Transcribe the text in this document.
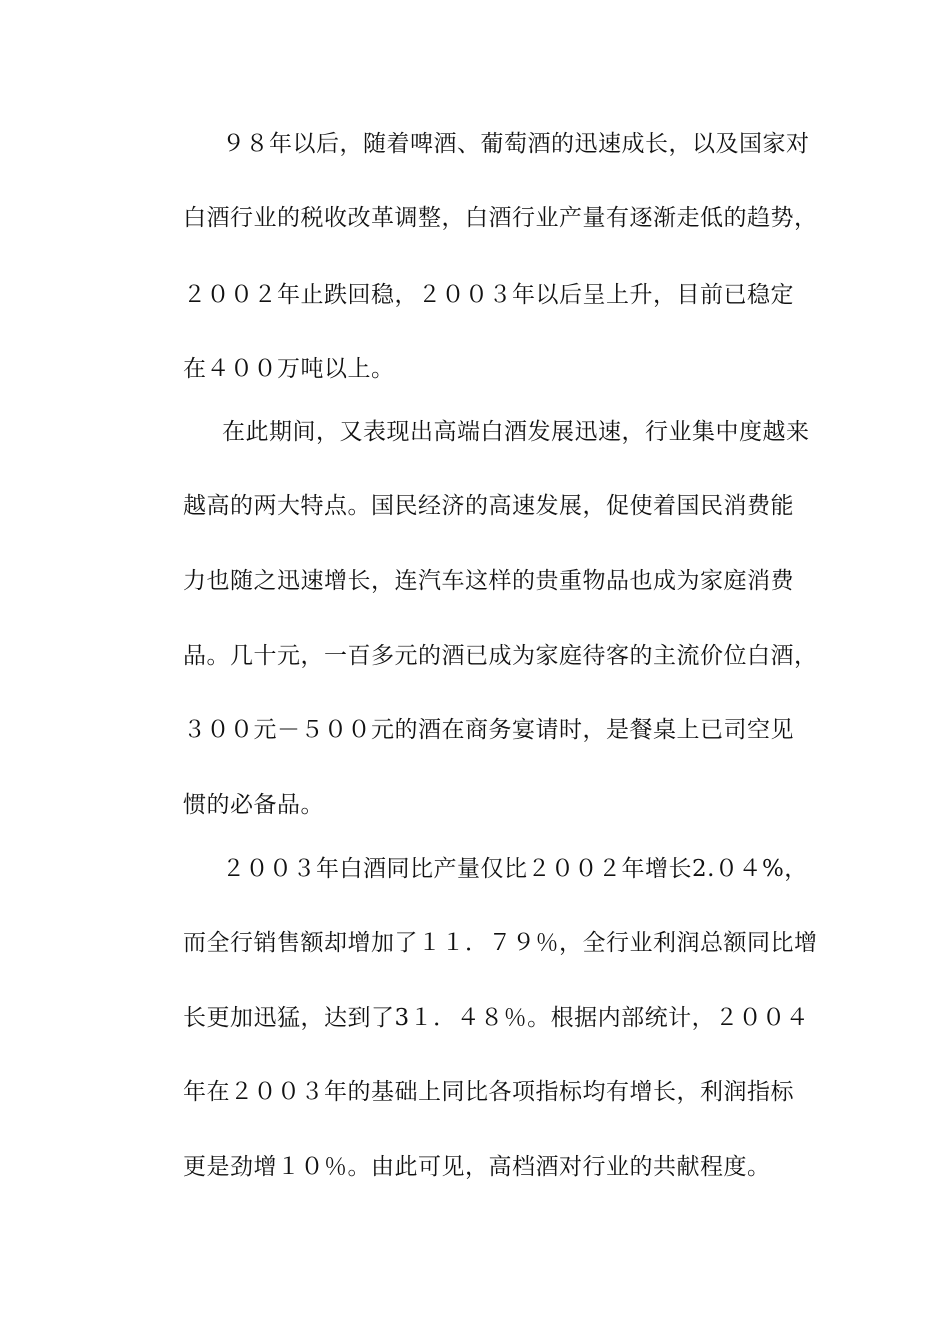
９８年以后，随着啤酒、葡萄酒的迅速成长，以及国家对
白酒行业的税收改革调整，白酒行业产量有逐渐走低的趋势，
２００２年止跌回稳，２００３年以后呈上升，目前已稳定
在４００万吨以上。
在此期间，又表现出高端白酒发展迅速，行业集中度越来
越高的两大特点。国民经济的高速发展，促使着国民消费能
力也随之迅速增长，连汽车这样的贵重物品也成为家庭消费
品。几十元，一百多元的酒已成为家庭待客的主流价位白酒，
３００元－５００元的酒在商务宴请时，是餐桌上已司空见
惯的必备品。
２００３年白酒同比产量仅比２００２年增长2.０４%，
而全行销售额却增加了１１．７９％，全行业利润总额同比增
长更加迅猛，达到了3１．４８％。根据内部统计，２００４
年在２００３年的基础上同比各项指标均有增长，利润指标
更是劲增１０％。由此可见，高档酒对行业的共献程度。
